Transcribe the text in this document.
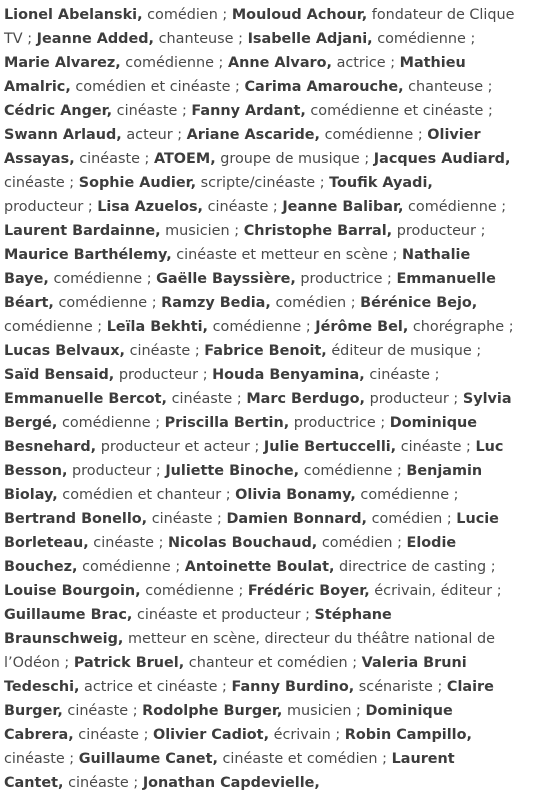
Lionel Abelanski, comédien ; Mouloud Achour, fondateur de Clique TV ; Jeanne Added, chanteuse ; Isabelle Adjani, comédienne ; Marie Alvarez, comédienne ; Anne Alvaro, actrice ; Mathieu Amalric, comédien et cinéaste ; Carima Amarouche, chanteuse ; Cédric Anger, cinéaste ; Fanny Ardant, comédienne et cinéaste ; Swann Arlaud, acteur ; Ariane Ascaride, comédienne ; Olivier Assayas, cinéaste ; ATOEM, groupe de musique ; Jacques Audiard, cinéaste ; Sophie Audier, scripte/cinéaste ; Toufik Ayadi, producteur ; Lisa Azuelos, cinéaste ; Jeanne Balibar, comédienne ; Laurent Bardainne, musicien ; Christophe Barral, producteur ; Maurice Barthélemy, cinéaste et metteur en scène ; Nathalie Baye, comédienne ; Gaëlle Bayssière, productrice ; Emmanuelle Béart, comédienne ; Ramzy Bedia, comédien ; Bérénice Bejo, comédienne ; Leïla Bekhti, comédienne ; Jérôme Bel, chorégraphe ; Lucas Belvaux, cinéaste ; Fabrice Benoit, éditeur de musique ; Saïd Bensaid, producteur ; Houda Benyamina, cinéaste ; Emmanuelle Bercot, cinéaste ; Marc Berdugo, producteur ; Sylvia Bergé, comédienne ; Priscilla Bertin, productrice ; Dominique Besnehard, producteur et acteur ; Julie Bertuccelli, cinéaste ; Luc Besson, producteur ; Juliette Binoche, comédienne ; Benjamin Biolay, comédien et chanteur ; Olivia Bonamy, comédienne ; Bertrand Bonello, cinéaste ; Damien Bonnard, comédien ; Lucie Borleteau, cinéaste ; Nicolas Bouchaud, comédien ; Elodie Bouchez, comédienne ; Antoinette Boulat, directrice de casting ; Louise Bourgoin, comédienne ; Frédéric Boyer, écrivain, éditeur ; Guillaume Brac, cinéaste et producteur ; Stéphane Braunschweig, metteur en scène, directeur du théâtre national de l’Odéon ; Patrick Bruel, chanteur et comédien ; Valeria Bruni Tedeschi, actrice et cinéaste ; Fanny Burdino, scénariste ; Claire Burger, cinéaste ; Rodolphe Burger, musicien ; Dominique Cabrera, cinéaste ; Olivier Cadiot, écrivain ; Robin Campillo, cinéaste ; Guillaume Canet, cinéaste et comédien ; Laurent Cantet, cinéaste ; Jonathan Capdevielle,
